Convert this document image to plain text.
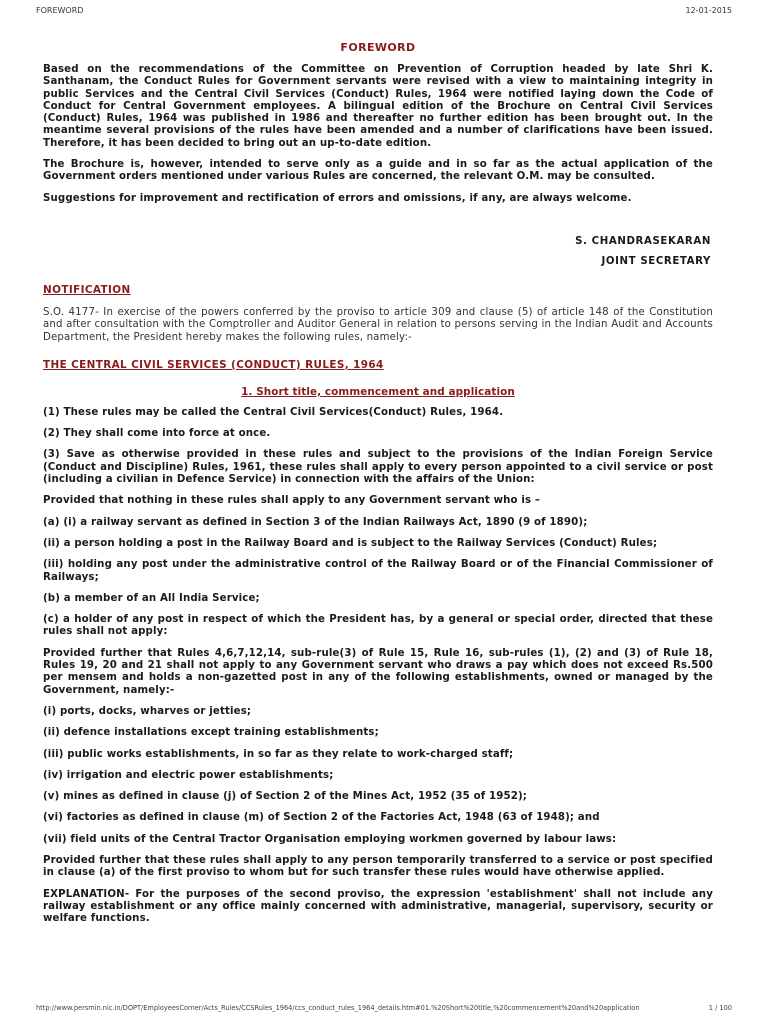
FOREWORD	12-01-2015
FOREWORD

Based on the recommendations of the Committee on Prevention of Corruption headed by late Shri K. Santhanam, the Conduct Rules for Government servants were revised with a view to maintaining integrity in public Services and the Central Civil Services (Conduct) Rules, 1964 were notified laying down the Code of Conduct for Central Government employees. A bilingual edition of the Brochure on Central Civil Services (Conduct) Rules, 1964 was published in 1986 and thereafter no further edition has been brought out. In the meantime several provisions of the rules have been amended and a number of clarifications have been issued. Therefore, it has been decided to bring out an up-to-date edition.

The Brochure is, however, intended to serve only as a guide and in so far as the actual application of the Government orders mentioned under various Rules are concerned, the relevant O.M. may be consulted.

Suggestions for improvement and rectification of errors and omissions, if any, are always welcome.

S. CHANDRASEKARAN
JOINT SECRETARY
NOTIFICATION

S.O. 4177- In exercise of the powers conferred by the proviso to article 309 and clause (5) of article 148 of the Constitution and after consultation with the Comptroller and Auditor General in relation to persons serving in the Indian Audit and Accounts Department, the President hereby makes the following rules, namely:-

THE CENTRAL CIVIL SERVICES (CONDUCT) RULES, 1964
1. Short title, commencement and application

(1) These rules may be called the Central Civil Services(Conduct) Rules, 1964.

(2) They shall come into force at once.

(3) Save as otherwise provided in these rules and subject to the provisions of the Indian Foreign Service (Conduct and Discipline) Rules, 1961, these rules shall apply to every person appointed to a civil service or post (including a civilian in Defence Service) in connection with the affairs of the Union:

Provided that nothing in these rules shall apply to any Government servant who is –

(a) (i) a railway servant as defined in Section 3 of the Indian Railways Act, 1890 (9 of 1890);

(ii) a person holding a post in the Railway Board and is subject to the Railway Services (Conduct) Rules;

(iii) holding any post under the administrative control of the Railway Board or of the Financial Commissioner of Railways;

(b) a member of an All India Service;

(c) a holder of any post in respect of which the President has, by a general or special order, directed that these rules shall not apply:

Provided further that Rules 4,6,7,12,14, sub-rule(3) of Rule 15, Rule 16, sub-rules (1), (2) and (3) of Rule 18, Rules 19, 20 and 21 shall not apply to any Government servant who draws a pay which does not exceed Rs.500 per mensem and holds a non-gazetted post in any of the following establishments, owned or managed by the Government, namely:-

(i) ports, docks, wharves or jetties;

(ii) defence installations except training establishments;

(iii) public works establishments, in so far as they relate to work-charged staff;

(iv) irrigation and electric power establishments;

(v) mines as defined in clause (j) of Section 2 of the Mines Act, 1952 (35 of 1952);

(vi) factories as defined in clause (m) of Section 2 of the Factories Act, 1948 (63 of 1948); and

(vii) field units of the Central Tractor Organisation employing workmen governed by labour laws:

Provided further that these rules shall apply to any person temporarily transferred to a service or post specified in clause (a) of the first proviso to whom but for such transfer these rules would have otherwise applied.

EXPLANATION- For the purposes of the second proviso, the expression 'establishment' shall not include any railway establishment or any office mainly concerned with administrative, managerial, supervisory, security or welfare functions.

http://www.persmin.nic.in/DOPT/EmployeesCorner/Acts_Rules/CCSRules_1964/ccs_conduct_rules_1964_details.htm#01.%20Short%20title,%20commencement%20and%20application	1 / 100
